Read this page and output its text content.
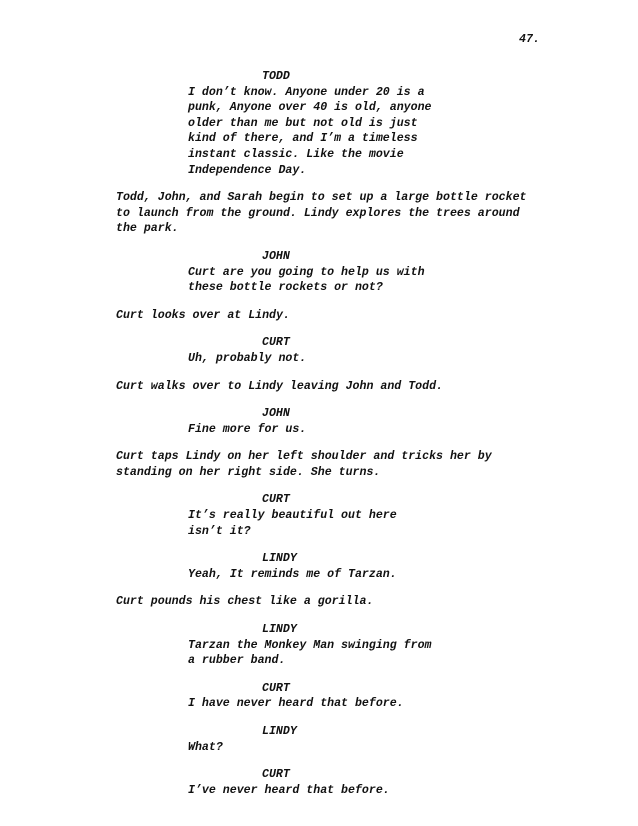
47.
TODD
I don’t know. Anyone under 20 is a
punk, Anyone over 40 is old, anyone
older than me but not old is just
kind of there, and I’m a timeless
instant classic. Like the movie
Independence Day.
Todd, John, and Sarah begin to set up a large bottle rocket
to launch from the ground. Lindy explores the trees around
the park.
JOHN
Curt are you going to help us with
these bottle rockets or not?
Curt looks over at Lindy.
CURT
Uh, probably not.
Curt walks over to Lindy leaving John and Todd.
JOHN
Fine more for us.
Curt taps Lindy on her left shoulder and tricks her by
standing on her right side. She turns.
CURT
It’s really beautiful out here
isn’t it?
LINDY
Yeah, It reminds me of Tarzan.
Curt pounds his chest like a gorilla.
LINDY
Tarzan the Monkey Man swinging from
a rubber band.
CURT
I have never heard that before.
LINDY
What?
CURT
I’ve never heard that before.
